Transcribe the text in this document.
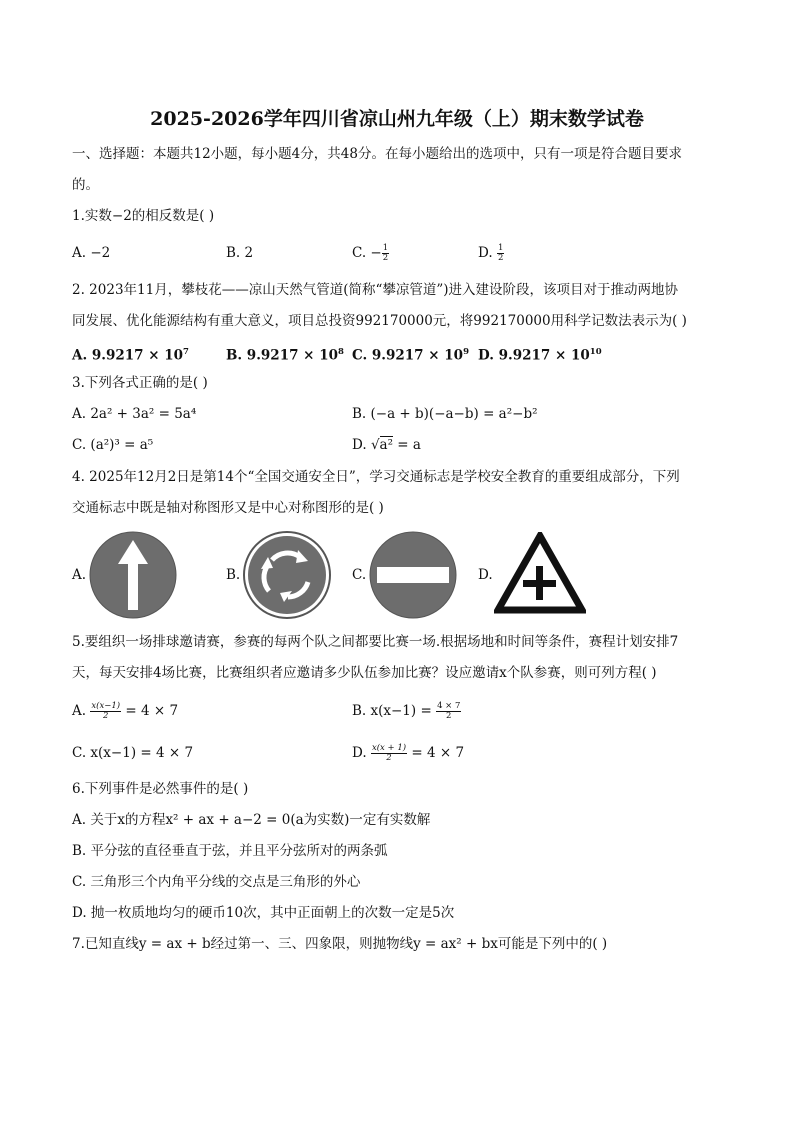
2025-2026学年四川省凉山州九年级（上）期末数学试卷
一、选择题：本题共12小题，每小题4分，共48分。在每小题给出的选项中，只有一项是符合题目要求
的。
1.实数−2的相反数是( )
A. −2	B. 2	C. − $\frac{1}{2}$	D. $\frac{1}{2}$
2. 2023年11月，攀枝花——凉山天然气管道(简称“攀凉管道”)进入建设阶段，该项目对于推动两地协
同发展、优化能源结构有重大意义，项目总投资992170000元，将992170000用科学记数法表示为( )
A. $9.9217 \times 10^7$	B. $9.9217 \times 10^8$ C. $9.9217 \times 10^9$ D. $9.9217 \times 10^{10}$
3.下列各式正确的是( )
A. 2a² + 3a² = 5a⁴	B. (−a + b)(−a−b) = a²−b²
C. (a²)³ = a⁵	D. √a² = a
4. 2025年12月2日是第14个“全国交通安全日”，学习交通标志是学校安全教育的重要组成部分，下列
交通标志中既是轴对称图形又是中心对称图形的是( )
A.	B.	C.	D.
5.要组织一场排球邀请赛，参赛的每两个队之间都要比赛一场.根据场地和时间等条件，赛程计划安排7
天，每天安排4场比赛，比赛组织者应邀请多少队伍参加比赛？设应邀请x个队参赛，则可列方程( )
A. $\frac{x(x-1)}{2} = 4 \times 7$	B. $x(x-1) = \frac{4 \times 7}{2}$
C. x(x−1) = 4 × 7	D. $\frac{x(x + 1)}{2} = 4 \times 7$
6.下列事件是必然事件的是( )
A. 关于x的方程x² + ax + a−2 = 0(a为实数)一定有实数解
B. 平分弦的直径垂直于弦，并且平分弦所对的两条弧
C. 三角形三个内角平分线的交点是三角形的外心
D. 抛一枚质地均匀的硬币10次，其中正面朝上的次数一定是5次
7.已知直线y = ax + b经过第一、三、四象限，则抛物线y = ax² + bx可能是下列中的( )
